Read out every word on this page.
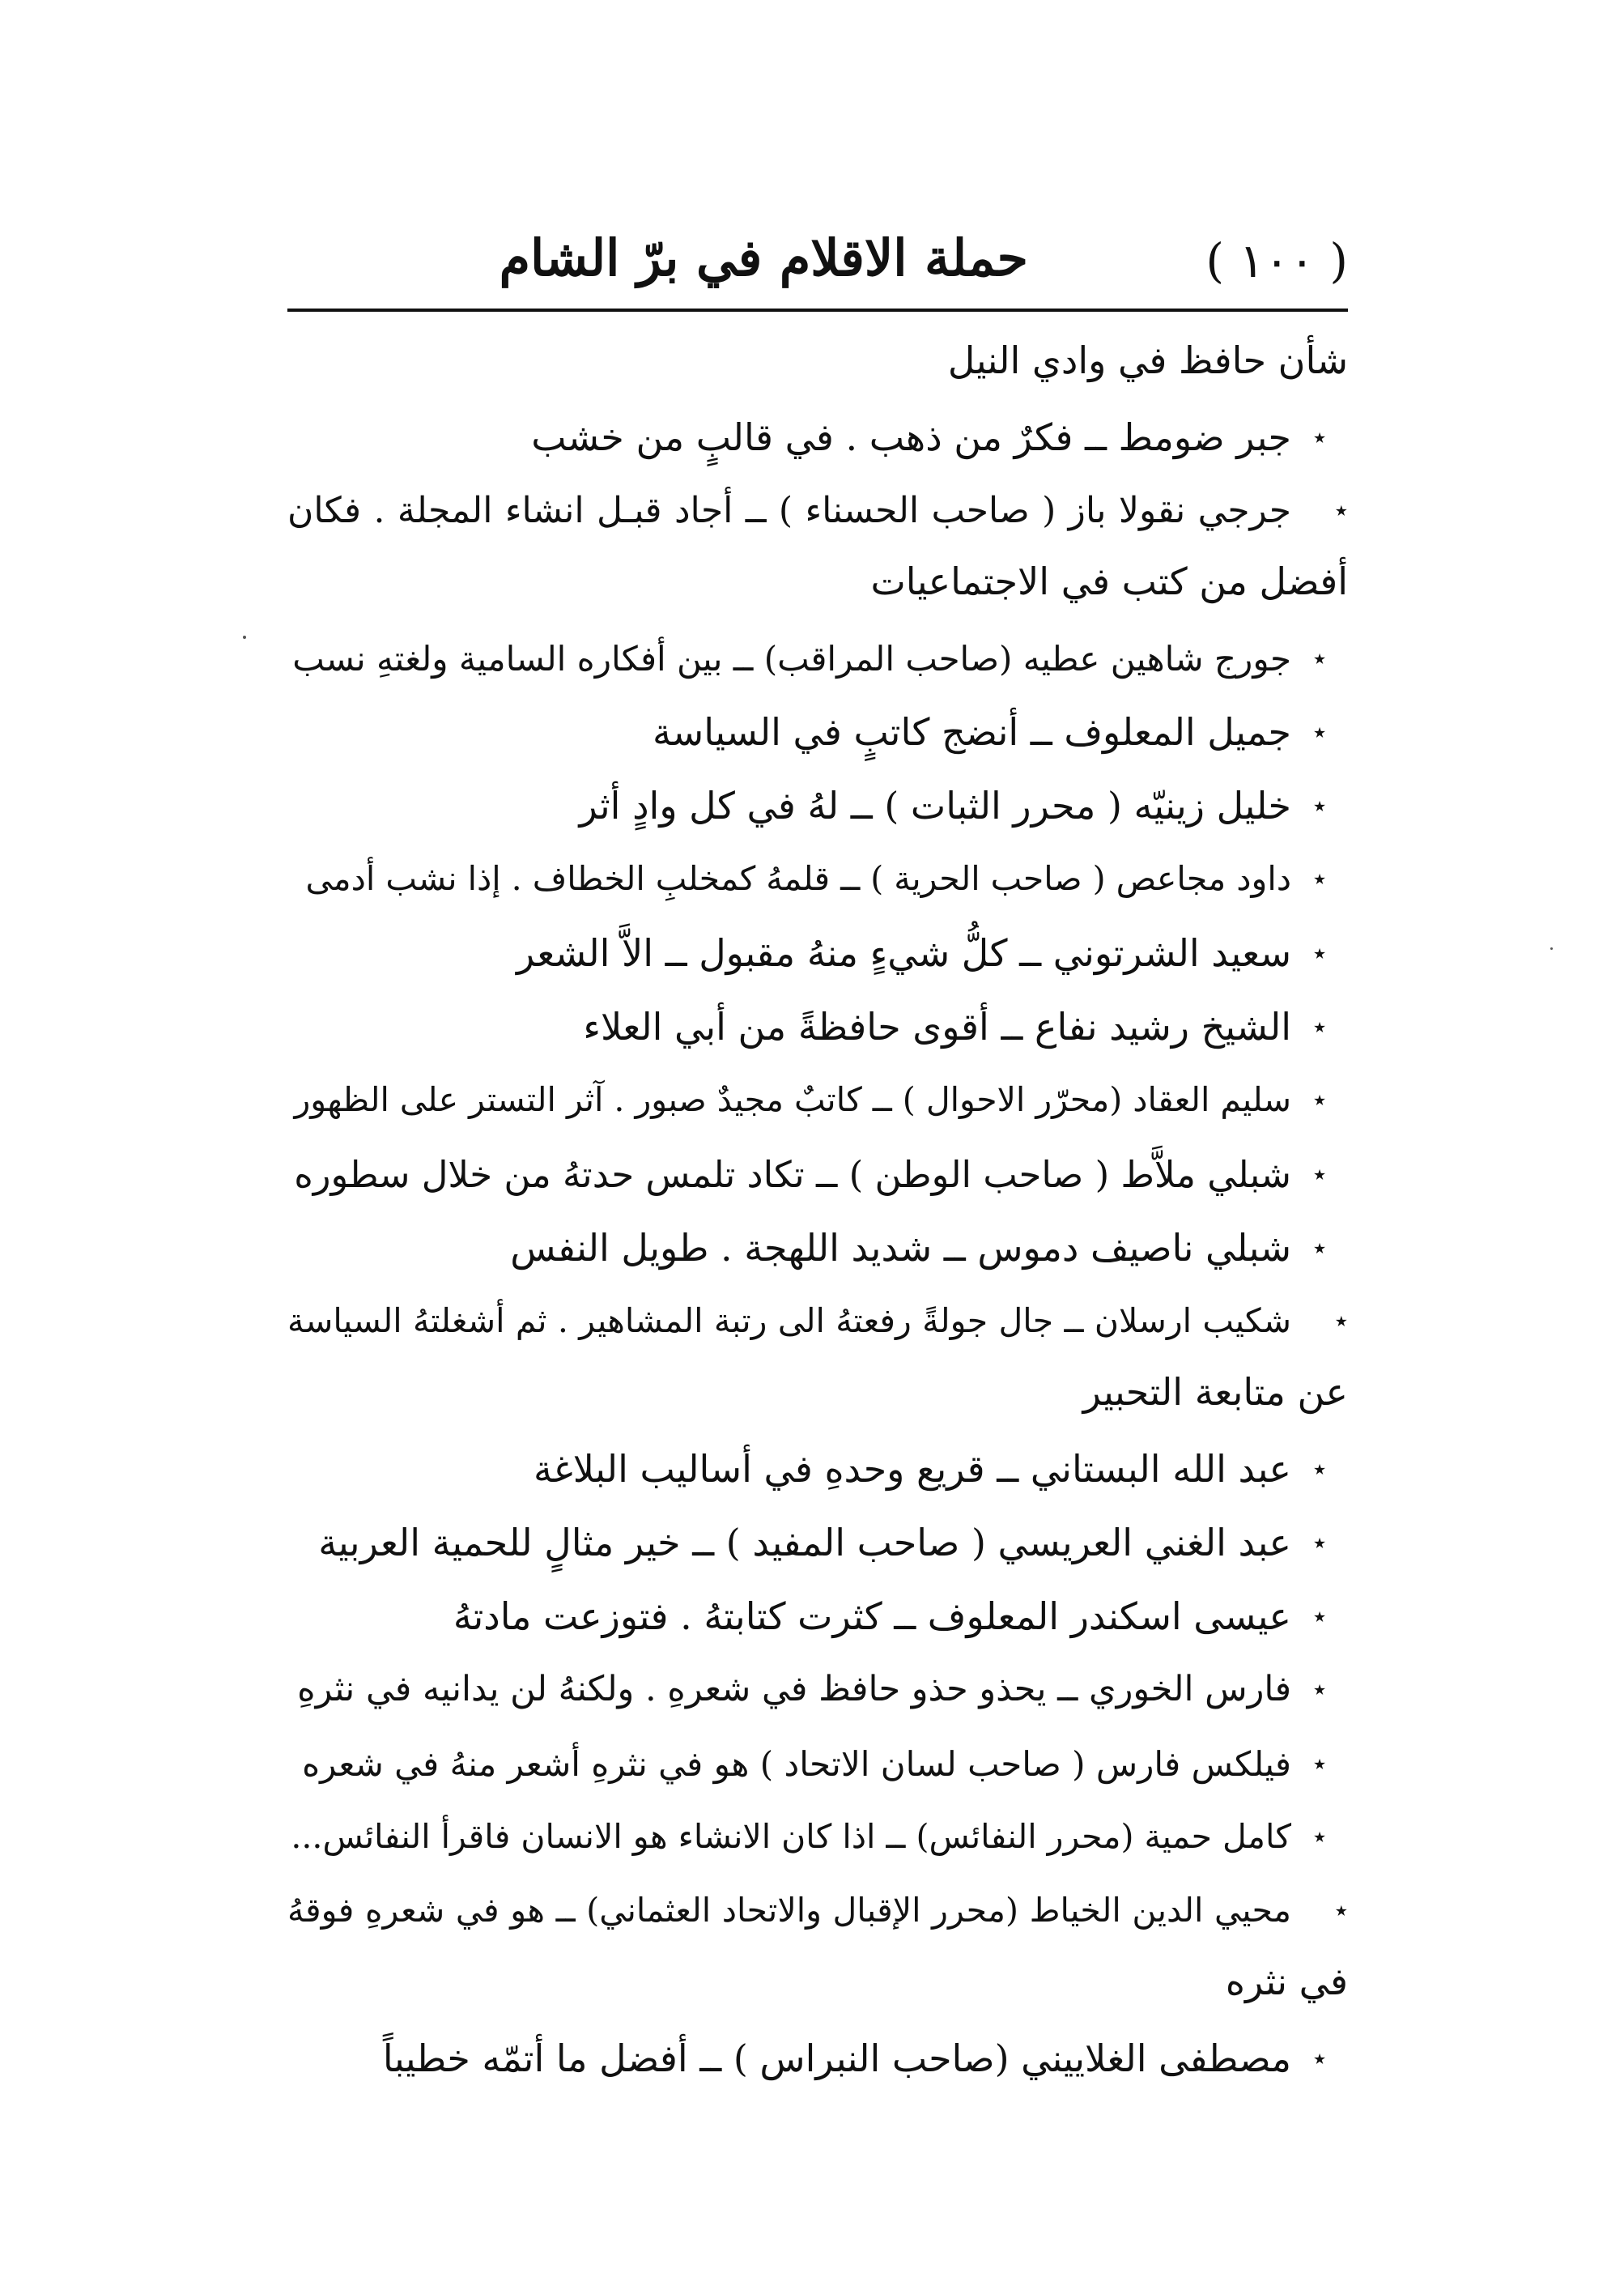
( ١٠٠ )
حملة الاقلام في برّ الشام
شأن حافظ في وادي النيل
٭جبر ضومط ــ فكرٌ من ذهب . في قالبٍ من خشب
٭جرجي نقولا باز ( صاحب الحسناء ) ــ أجاد قبـل انشاء المجلة . فكان
أفضل من كتب في الاجتماعيات
٭جورج شاهين عطيه (صاحب المراقب) ــ بين أفكاره السامية ولغتهِ نسب
٭جميل المعلوف ــ أنضج كاتبٍ في السياسة
٭خليل زينيّه ( محرر الثبات ) ــ لهُ في كل وادٍ أثر
٭داود مجاعص ( صاحب الحرية ) ــ قلمهُ كمخلبِ الخطاف . إذا نشب أدمى
٭سعيد الشرتوني ــ كلُّ شيءٍ منهُ مقبول ــ الاَّ الشعر
٭الشيخ رشيد نفاع ــ أقوى حافظةً من أبي العلاء
٭سليم العقاد (محرّر الاحوال ) ــ كاتبٌ مجيدٌ صبور . آثر التستر على الظهور
٭شبلي ملاَّط ( صاحب الوطن ) ــ تكاد تلمس حدتهُ من خلال سطوره
٭شبلي ناصيف دموس ــ شديد اللهجة . طويل النفس
٭شكيب ارسلان ــ جال جولةً رفعتهُ الى رتبة المشاهير . ثم أشغلتهُ السياسة
عن متابعة التحبير
٭عبد الله البستاني ــ قريع وحدهِ في أساليب البلاغة
٭عبد الغني العريسي ( صاحب المفيد ) ــ خير مثالٍ للحمية العربية
٭عيسى اسكندر المعلوف ــ كثرت كتابتهُ . فتوزعت مادتهُ
٭فارس الخوري ــ يحذو حذو حافظ في شعرهِ . ولكنهُ لن يدانيه في نثرهِ
٭فيلكس فارس ( صاحب لسان الاتحاد ) هو في نثرهِ أشعر منهُ في شعره
٭كامل حمية (محرر النفائس) ــ اذا كان الانشاء هو الانسان فاقرأ النفائس...
٭محيي الدين الخياط (محرر الإقبال والاتحاد العثماني) ــ هو في شعرهِ فوقهُ
في نثره
٭مصطفى الغلاييني (صاحب النبراس ) ــ أفضل ما أتمّه خطيباً
